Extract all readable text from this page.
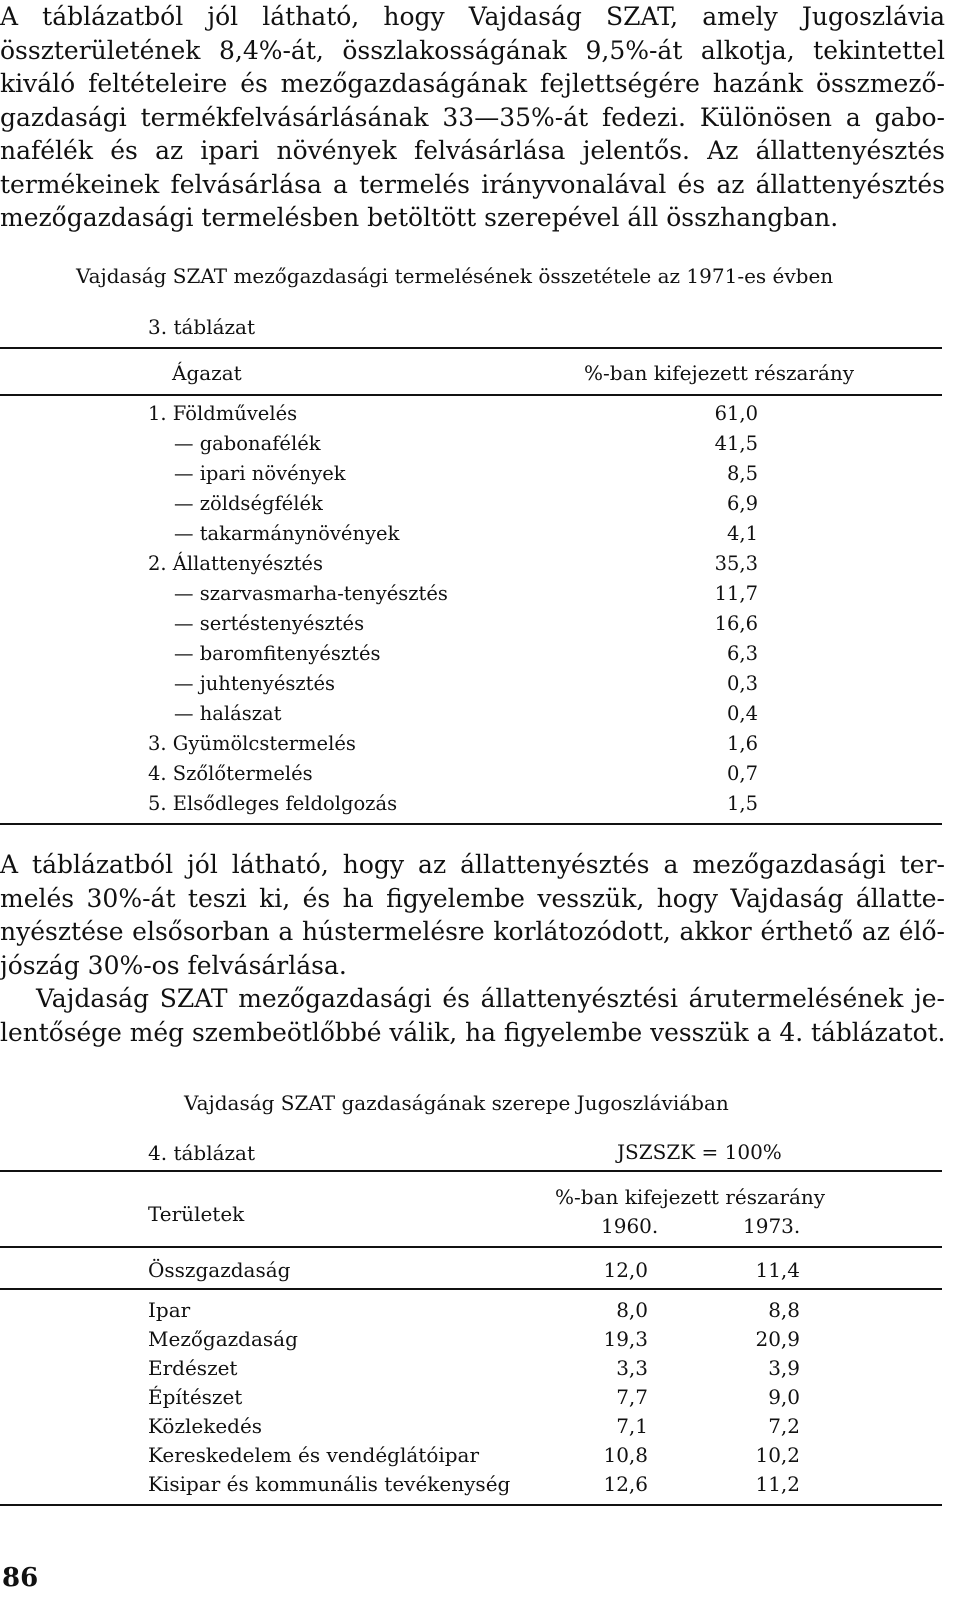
A táblázatból jól látható, hogy Vajdaság SZAT, amely Jugoszlávia
összterületének 8,4%-át, összlakosságának 9,5%-át alkotja, tekintettel
kiváló feltételeire és mezőgazdaságának fejlettségére hazánk összmező-
gazdasági termékfelvásárlásának 33—35%-át fedezi. Különösen a gabo-
nafélék és az ipari növények felvásárlása jelentős. Az állattenyésztés
termékeinek felvásárlása a termelés irányvonalával és az állattenyésztés
mezőgazdasági termelésben betöltött szerepével áll összhangban.
Vajdaság SZAT mezőgazdasági termelésének összetétele az 1971-es évben
3. táblázat
Ágazat	%-ban kifejezett részarány
1. Földművelés	61,0
— gabonafélék	41,5
— ipari növények	8,5
— zöldségfélék	6,9
— takarmánynövények	4,1
2. Állattenyésztés	35,3
— szarvasmarha-tenyésztés	11,7
— sertéstenyésztés	16,6
— baromfitenyésztés	6,3
— juhtenyésztés	0,3
— halászat	0,4
3. Gyümölcstermelés	1,6
4. Szőlőtermelés	0,7
5. Elsődleges feldolgozás	1,5
A táblázatból jól látható, hogy az állattenyésztés a mezőgazdasági ter-
melés 30%-át teszi ki, és ha figyelembe vesszük, hogy Vajdaság állatte-
nyésztése elsősorban a hústermelésre korlátozódott, akkor érthető az élő-
jószág 30%-os felvásárlása.
Vajdaság SZAT mezőgazdasági és állattenyésztési árutermelésének je-
lentősége még szembeötlőbbé válik, ha figyelembe vesszük a 4. táblázatot.
Vajdaság SZAT gazdaságának szerepe Jugoszláviában
4. táblázat	JSZSZK = 100%
Területek
%-ban kifejezett részarány
1960.	1973.
Összgazdaság	12,0	11,4
Ipar	8,0	8,8
Mezőgazdaság	19,3	20,9
Erdészet	3,3	3,9
Építészet	7,7	9,0
Közlekedés	7,1	7,2
Kereskedelem és vendéglátóipar	10,8	10,2
Kisipar és kommunális tevékenység	12,6	11,2
86
